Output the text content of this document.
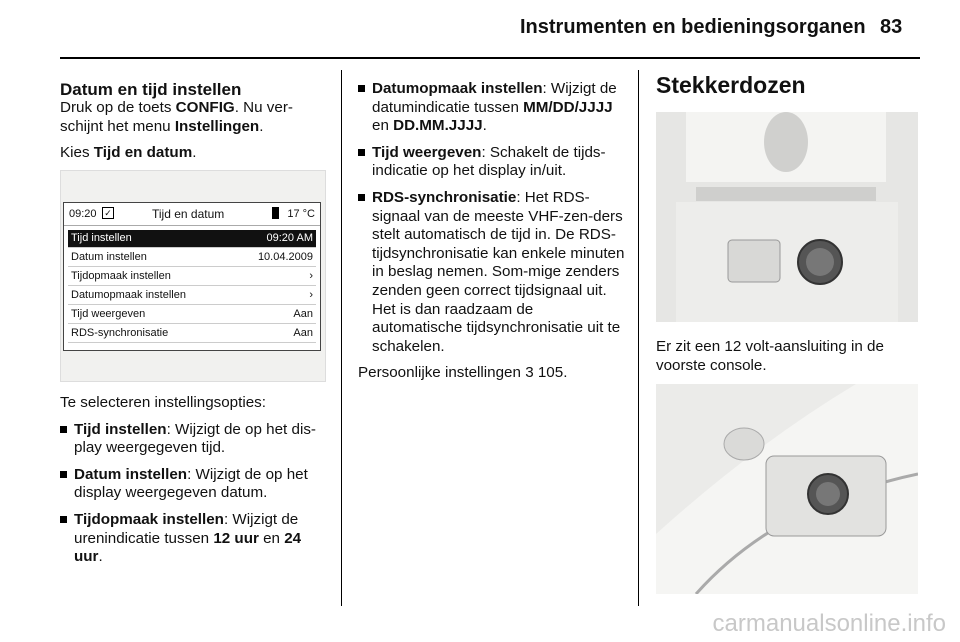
Instrumenten en bedieningsorganen 83
Datum en tijd instellen

Druk op de toets CONFIG. Nu ver-schijnt het menu Instellingen.

Kies Tijd en datum.

09:20 ✓	Tijd en datum	17 °C
Tijd instellen	09:20 AM
Datum instellen	10.04.2009
Tijdopmaak instellen	›
Datumopmaak instellen	›
Tijd weergeven	Aan
RDS-synchronisatie	Aan

Te selecteren instellingsopties:

Tijd instellen: Wijzigt de op het dis-play weergegeven tijd.
Datum instellen: Wijzigt de op het display weergegeven datum.
Tijdopmaak instellen: Wijzigt de urenindicatie tussen 12 uur en 24 uur.
Datumopmaak instellen: Wijzigt de datumindicatie tussen MM/DD/JJJJ en DD.MM.JJJJ.
Tijd weergeven: Schakelt de tijds-indicatie op het display in/uit.
RDS-synchronisatie: Het RDS-signaal van de meeste VHF-zen-ders stelt automatisch de tijd in. De RDS-tijdsynchronisatie kan enkele minuten in beslag nemen. Som-mige zenders zenden geen correct tijdsignaal uit. Het is dan raadzaam de automatische tijdsynchronisatie uit te schakelen.

Persoonlijke instellingen 3 105.

Stekkerdozen
Er zit een 12 volt-aansluiting in de voorste console.
carmanualsonline.info
